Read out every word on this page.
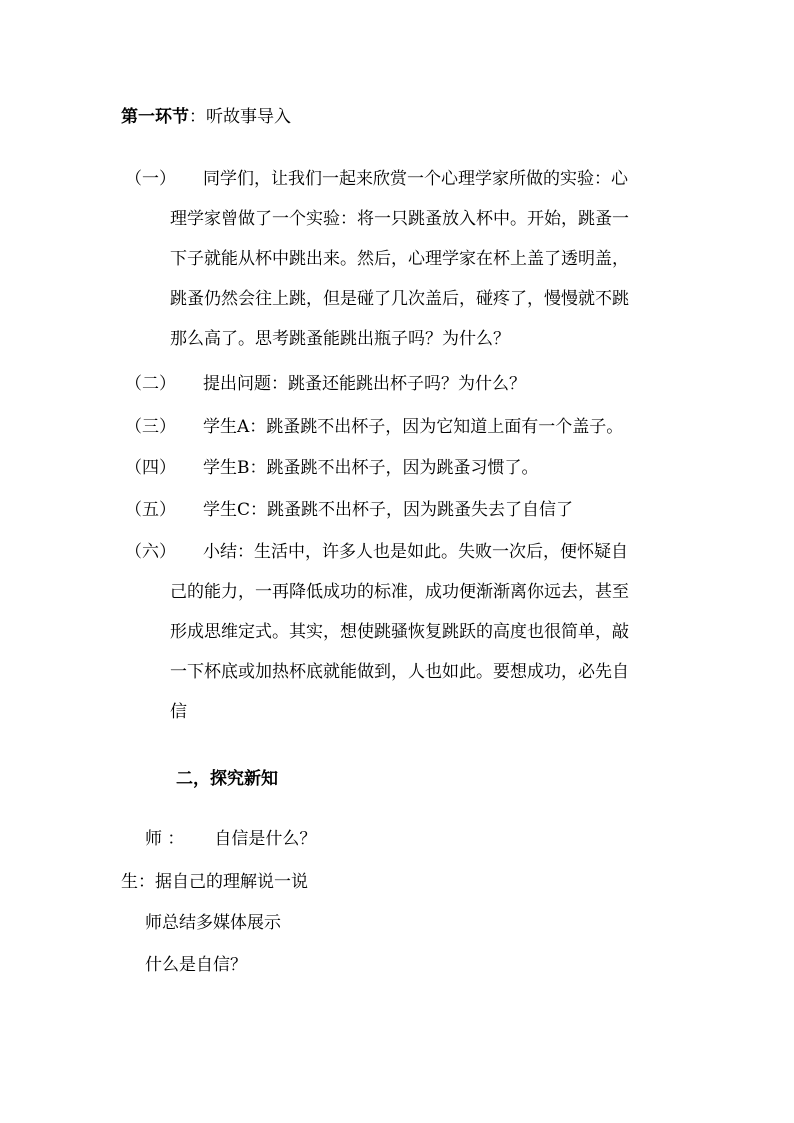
第一环节：听故事导入
（一）	同学们，让我们一起来欣赏一个心理学家所做的实验：心
理学家曾做了一个实验：将一只跳蚤放入杯中。开始，跳蚤一
下子就能从杯中跳出来。然后，心理学家在杯上盖了透明盖，
跳蚤仍然会往上跳，但是碰了几次盖后，碰疼了，慢慢就不跳
那么高了。思考跳蚤能跳出瓶子吗？为什么？
（二）	提出问题：跳蚤还能跳出杯子吗？为什么？
（三）	学生A：跳蚤跳不出杯子，因为它知道上面有一个盖子。
（四）	学生B：跳蚤跳不出杯子，因为跳蚤习惯了。
（五）	学生C：跳蚤跳不出杯子，因为跳蚤失去了自信了
（六）	小结：生活中，许多人也是如此。失败一次后，便怀疑自
己的能力，一再降低成功的标准，成功便渐渐离你远去，甚至
形成思维定式。其实，想使跳骚恢复跳跃的高度也很简单，敲
一下杯底或加热杯底就能做到，人也如此。要想成功，必先自
信
二，探究新知
师 ： 自信是什么？
生：据自己的理解说一说
师总结多媒体展示
什么是自信？
